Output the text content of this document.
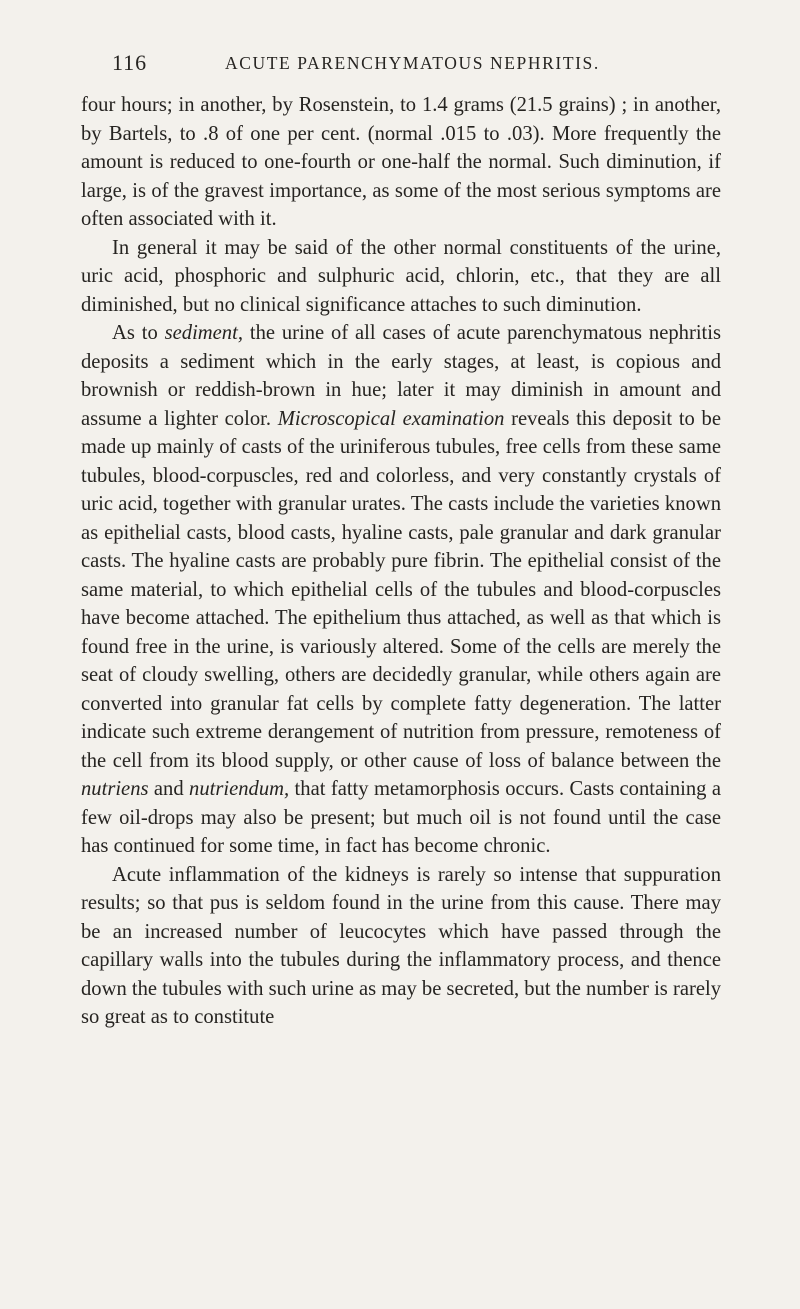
116	ACUTE PARENCHYMATOUS NEPHRITIS.

four hours; in another, by Rosenstein, to 1.4 grams (21.5 grains) ; in another, by Bartels, to .8 of one per cent. (normal .015 to .03). More frequently the amount is reduced to one-fourth or one-half the normal. Such diminution, if large, is of the gravest importance, as some of the most serious symptoms are often associated with it.

In general it may be said of the other normal constituents of the urine, uric acid, phosphoric and sulphuric acid, chlorin, etc., that they are all diminished, but no clinical significance attaches to such diminution.

As to sediment, the urine of all cases of acute parenchymatous nephritis deposits a sediment which in the early stages, at least, is copious and brownish or reddish-brown in hue; later it may diminish in amount and assume a lighter color. Microscopical examination reveals this deposit to be made up mainly of casts of the uriniferous tubules, free cells from these same tubules, blood-corpuscles, red and colorless, and very constantly crystals of uric acid, together with granular urates. The casts include the varieties known as epithelial casts, blood casts, hyaline casts, pale granular and dark granular casts. The hyaline casts are probably pure fibrin. The epithelial consist of the same material, to which epithelial cells of the tubules and blood-corpuscles have become attached. The epithelium thus attached, as well as that which is found free in the urine, is variously altered. Some of the cells are merely the seat of cloudy swelling, others are decidedly granular, while others again are converted into granular fat cells by complete fatty degeneration. The latter indicate such extreme derangement of nutrition from pressure, remoteness of the cell from its blood supply, or other cause of loss of balance between the nutriens and nutriendum, that fatty metamorphosis occurs. Casts containing a few oil-drops may also be present; but much oil is not found until the case has continued for some time, in fact has become chronic.

Acute inflammation of the kidneys is rarely so intense that suppuration results; so that pus is seldom found in the urine from this cause. There may be an increased number of leucocytes which have passed through the capillary walls into the tubules during the inflammatory process, and thence down the tubules with such urine as may be secreted, but the number is rarely so great as to constitute
